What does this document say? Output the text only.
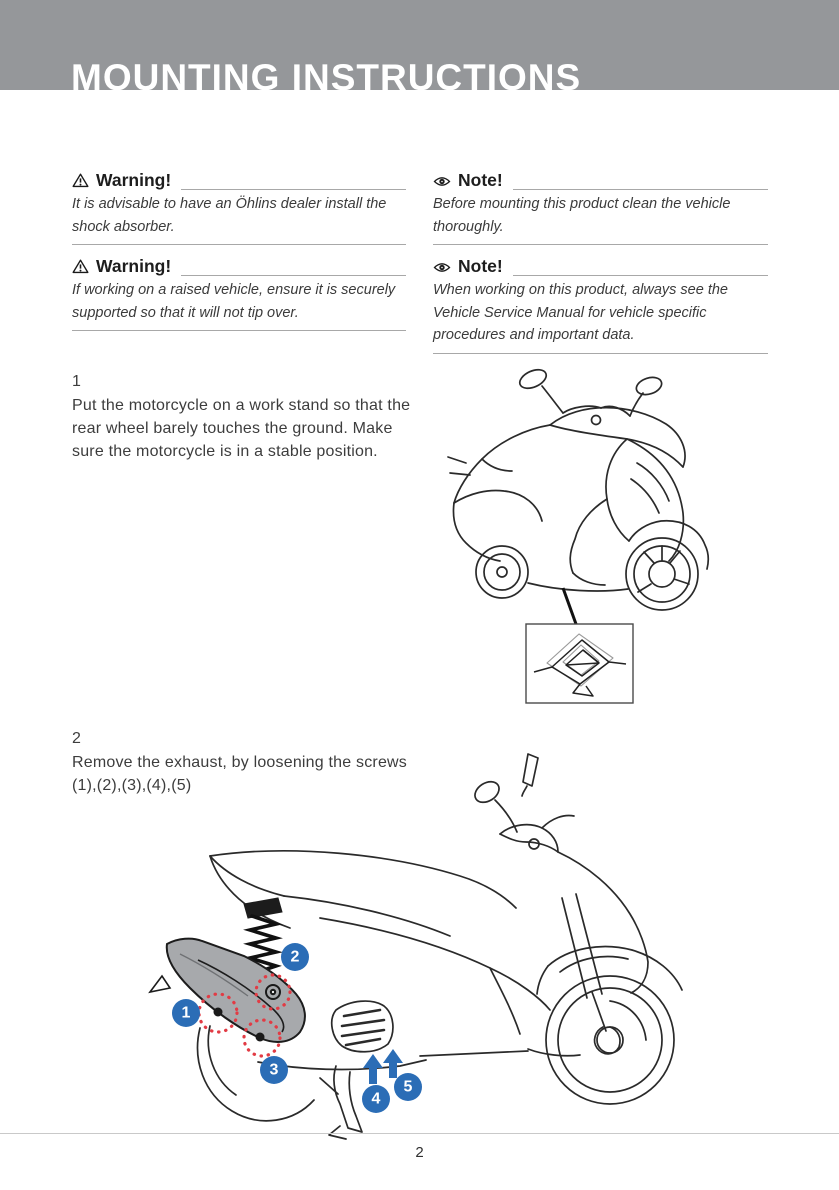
MOUNTING INSTRUCTIONS
Warning!
It is advisable to have an Öhlins dealer install the shock absorber.
Warning!
If working on a raised vehicle, ensure it is securely supported so that it will not tip over.
Note!
Before mounting this product clean the vehicle thoroughly.
Note!
When working on this product, always see the Vehicle Service Manual for vehicle specific procedures and important data.
1
Put the motorcycle on a work stand so that the rear wheel barely touches the ground. Make sure the motorcycle is in a stable position.
2
Remove the exhaust, by loosening the screws (1),(2),(3),(4),(5)
1
2
3
4
5
2
